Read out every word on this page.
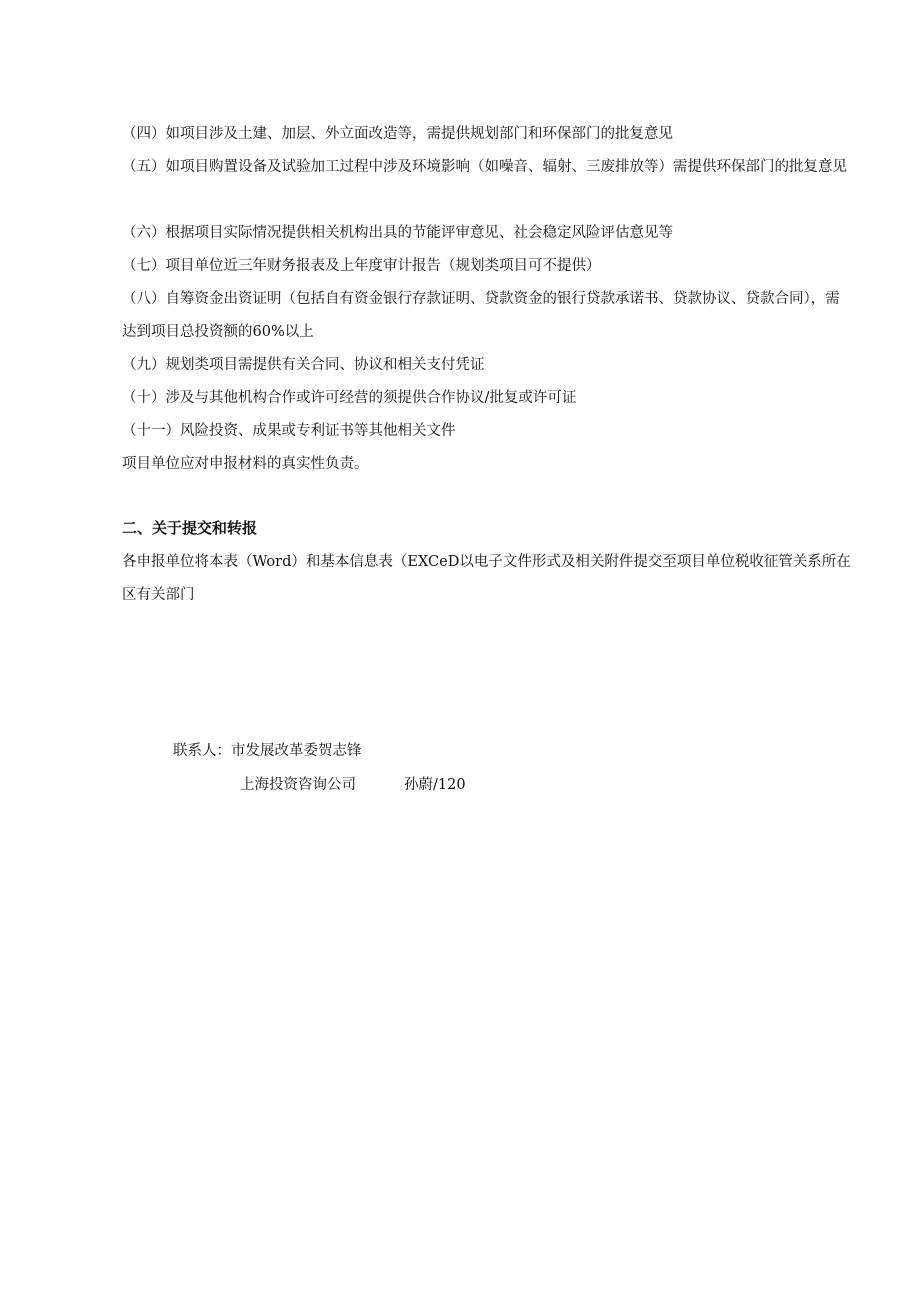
（四）如项目涉及土建、加层、外立面改造等，需提供规划部门和环保部门的批复意见
（五）如项目购置设备及试验加工过程中涉及环境影响（如噪音、辐射、三废排放等）需提供环保部门的批复意见
（六）根据项目实际情况提供相关机构出具的节能评审意见、社会稳定风险评估意见等
（七）项目单位近三年财务报表及上年度审计报告（规划类项目可不提供）
（八）自筹资金出资证明（包括自有资金银行存款证明、贷款资金的银行贷款承诺书、贷款协议、贷款合同），需达到项目总投资额的60%以上
（九）规划类项目需提供有关合同、协议和相关支付凭证
（十）涉及与其他机构合作或许可经营的须提供合作协议/批复或许可证
（十一）风险投资、成果或专利证书等其他相关文件
项目单位应对申报材料的真实性负责。
二、关于提交和转报
各申报单位将本表（Word）和基本信息表（EXCeD以电子文件形式及相关附件提交至项目单位税收征管关系所在区有关部门
联系人：市发展改革委贺志锋
上海投资咨询公司	孙蔚/120
